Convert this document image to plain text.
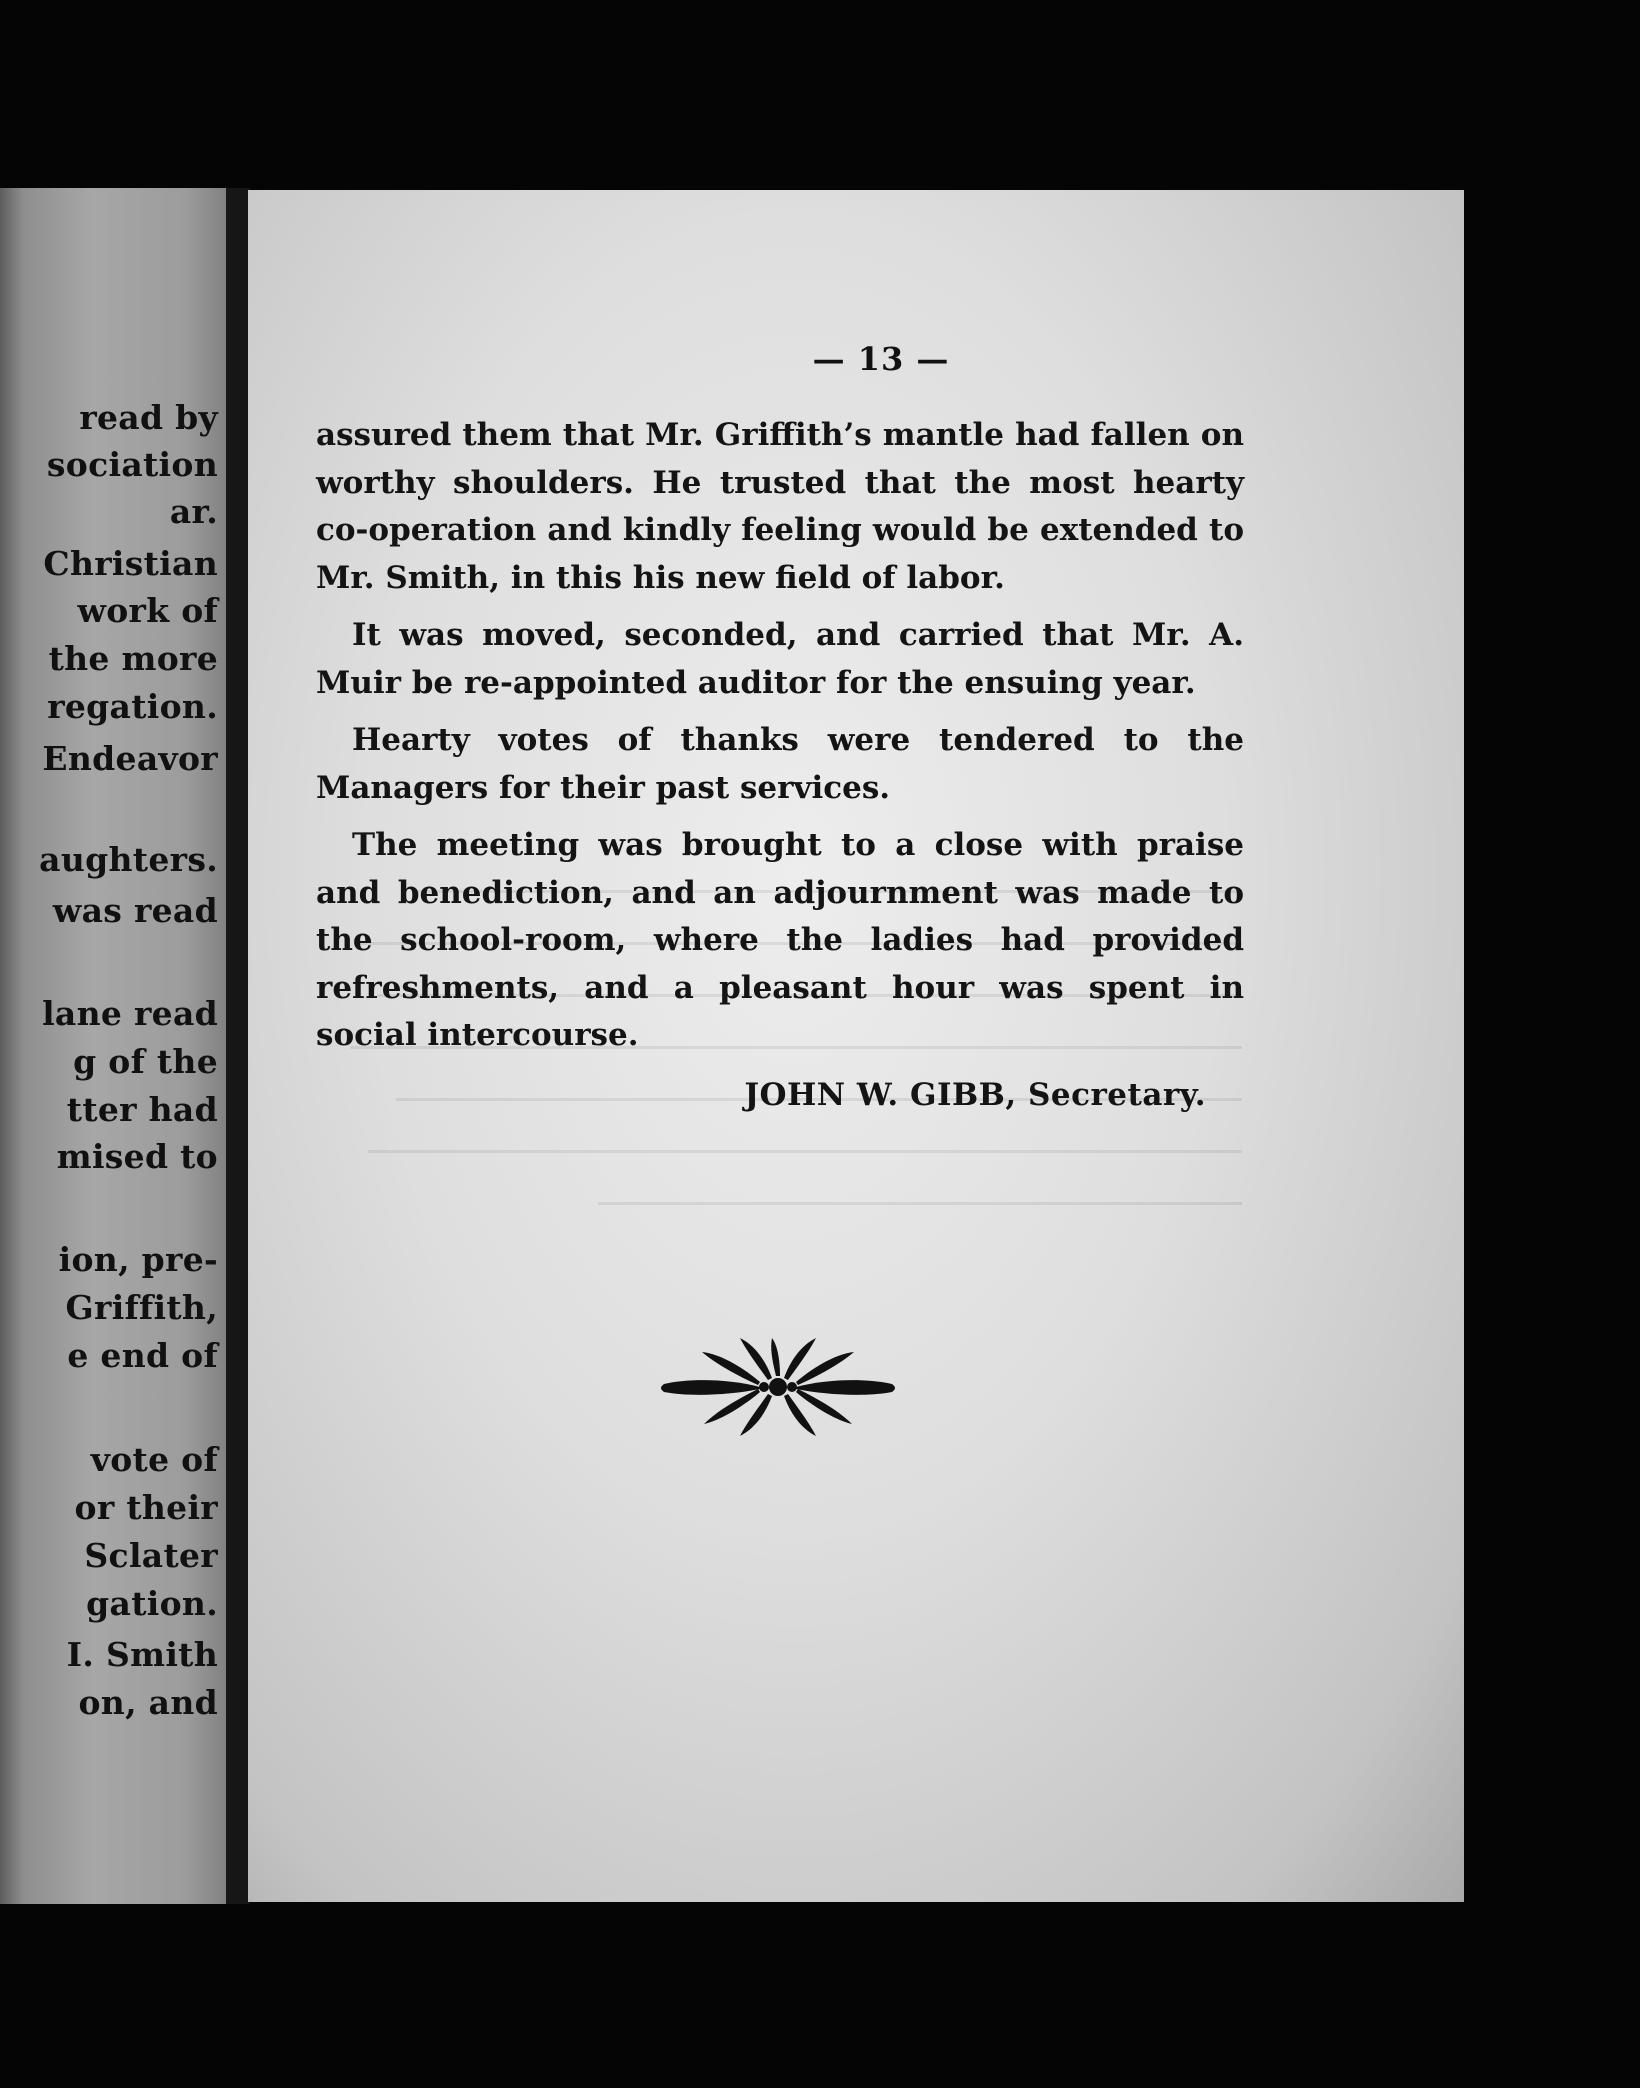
read by

sociation

ar.

Christian

work of

the more

regation.

Endeavor

aughters.

was read

lane read

g of the

tter had

mised to

ion, pre-

Griffith,

e end of

vote of

or their

Sclater

gation.

I. Smith

on, and

— 13 —

assured them that Mr. Griffith’s mantle had fallen on worthy shoulders. He trusted that the most hearty co-operation and kindly feeling would be extended to Mr. Smith, in this his new field of labor.

It was moved, seconded, and carried that Mr. A. Muir be re-appointed auditor for the ensuing year.

Hearty votes of thanks were tendered to the Managers for their past services.

The meeting was brought to a close with praise and benediction, and an adjournment was made to the school-room, where the ladies had provided refreshments, and a pleasant hour was spent in social intercourse.

JOHN W. GIBB, Secretary.
